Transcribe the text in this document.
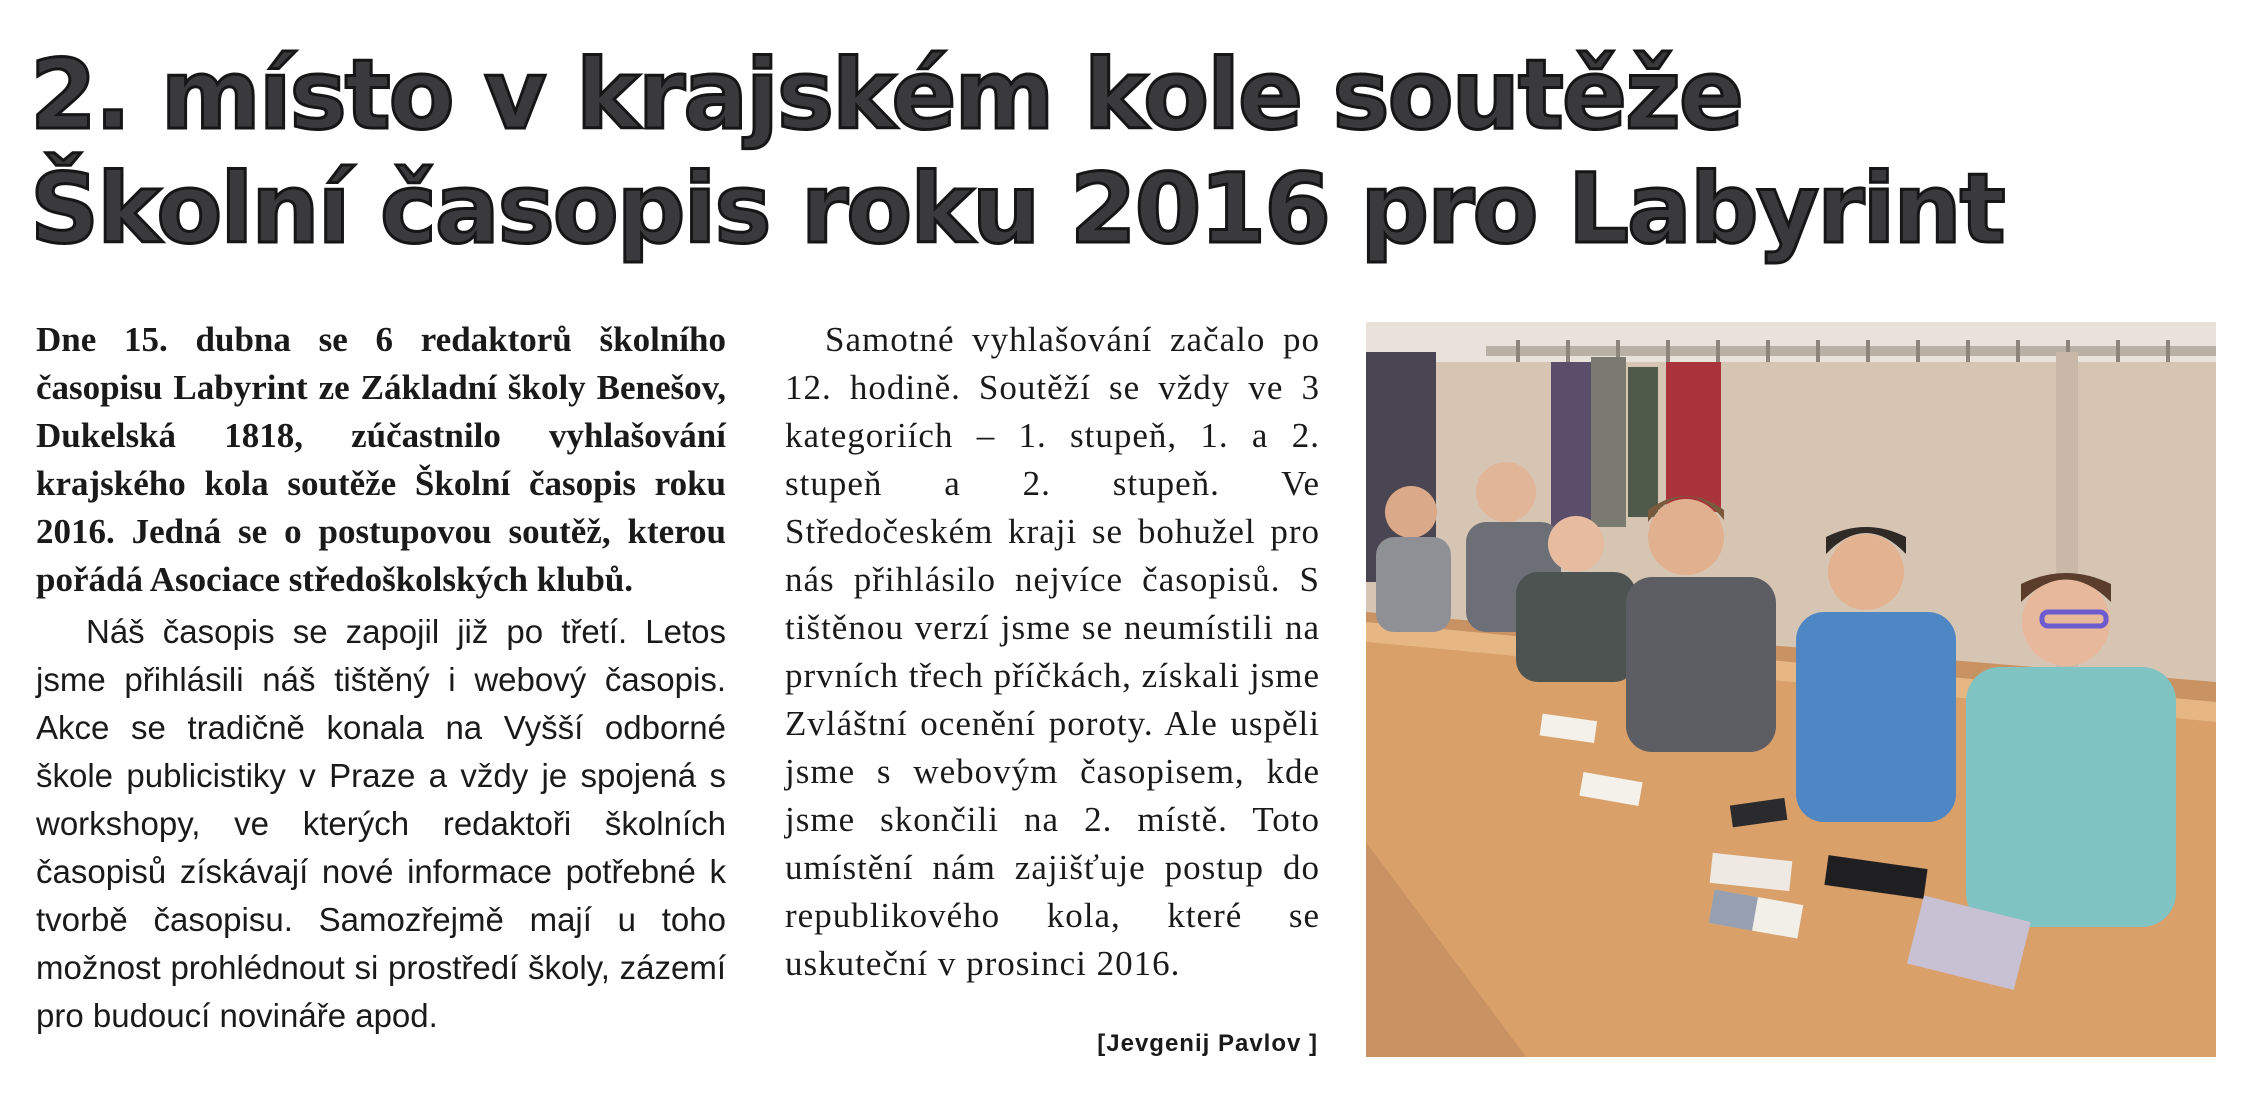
2. místo v krajském kole soutěže
Školní časopis roku 2016 pro Labyrint

Dne 15. dubna se 6 redaktorů školního časopisu Labyrint ze Základní školy Benešov, Dukelská 1818, zúčastnilo vyhlašování krajského kola soutěže Školní časopis roku 2016. Jedná se o postupovou soutěž, kterou pořádá Asociace středoškolských klubů.

Náš časopis se zapojil již po třetí. Letos jsme přihlásili náš tištěný i webový časopis. Akce se tradičně konala na Vyšší odborné škole publicistiky v Praze a vždy je spojená s workshopy, ve kterých redaktoři školních časopisů získávají nové informace potřebné k tvorbě časopisu. Samozřejmě mají u toho možnost prohlédnout si prostředí školy, zázemí pro budoucí novináře apod.

Samotné vyhlašování začalo po 12. hodině. Soutěží se vždy ve 3 kategoriích – 1. stupeň, 1. a 2. stupeň a 2. stupeň. Ve Středočeském kraji se bohužel pro nás přihlásilo nejvíce časopisů. S tištěnou verzí jsme se neumístili na prvních třech příčkách, získali jsme Zvláštní ocenění poroty. Ale uspěli jsme s webovým časopisem, kde jsme skončili na 2. místě. Toto umístění nám zajišťuje postup do republikového kola, které se uskuteční v prosinci 2016.

[Jevgenij Pavlov ]
